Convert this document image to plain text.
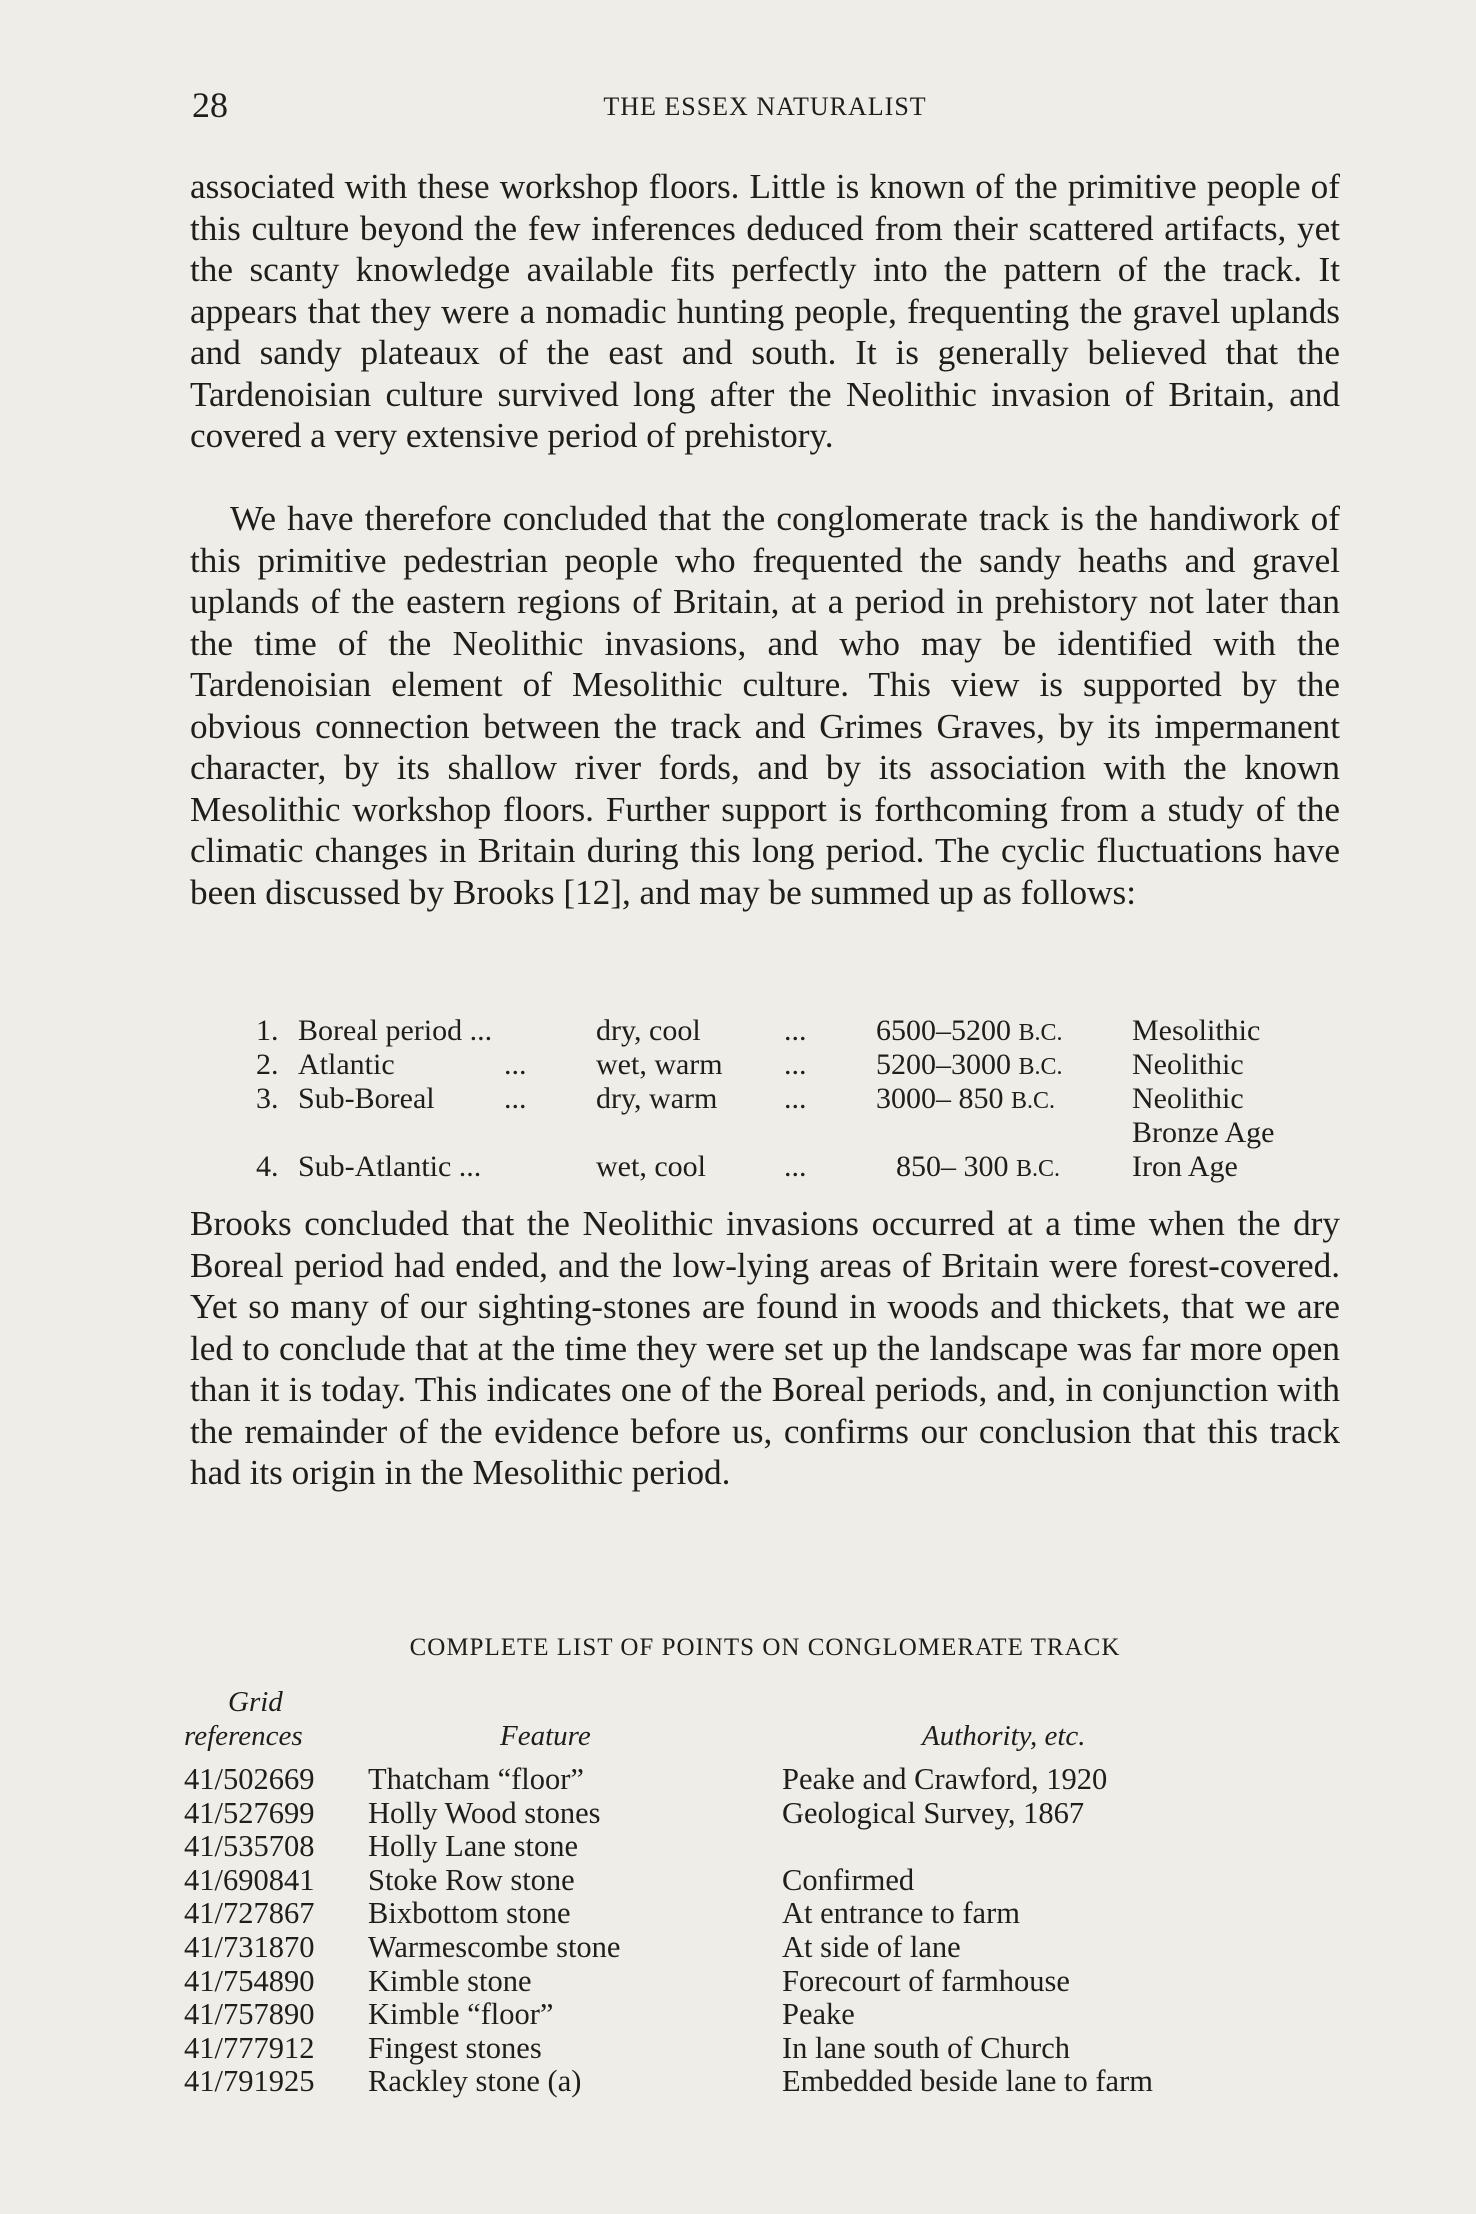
28	THE ESSEX NATURALIST

associated with these workshop floors. Little is known of the primitive people of this culture beyond the few inferences deduced from their scattered artifacts, yet the scanty knowledge available fits perfectly into the pattern of the track. It appears that they were a nomadic hunting people, frequenting the gravel uplands and sandy plateaux of the east and south. It is generally believed that the Tardenoisian culture survived long after the Neolithic invasion of Britain, and covered a very extensive period of prehistory.

We have therefore concluded that the conglomerate track is the handiwork of this primitive pedestrian people who frequented the sandy heaths and gravel uplands of the eastern regions of Britain, at a period in prehistory not later than the time of the Neolithic invasions, and who may be identified with the Tardenoisian element of Mesolithic culture. This view is supported by the obvious connection between the track and Grimes Graves, by its impermanent character, by its shallow river fords, and by its association with the known Mesolithic workshop floors. Further support is forthcoming from a study of the climatic changes in Britain during this long period. The cyclic fluctuations have been discussed by Brooks [12], and may be summed up as follows:

1. Boreal period ...	dry, cool	... 6500–5200 B.C. Mesolithic
2. Atlantic	... wet, warm ... 5200–3000 B.C. Neolithic
3. Sub-Boreal ... dry, warm ... 3000– 850 B.C.	Neolithic
Bronze Age
4. Sub-Atlantic ...	wet, cool	...	850– 300 B.C. Iron Age

Brooks concluded that the Neolithic invasions occurred at a time when the dry Boreal period had ended, and the low-lying areas of Britain were forest-covered. Yet so many of our sighting-stones are found in woods and thickets, that we are led to conclude that at the time they were set up the landscape was far more open than it is today. This indicates one of the Boreal periods, and, in conjunction with the remainder of the evidence before us, confirms our conclusion that this track had its origin in the Mesolithic period.

COMPLETE LIST OF POINTS ON CONGLOMERATE TRACK
Grid
references	Feature	Authority, etc.
41/502669 Thatcham “floor”	Peake and Crawford, 1920
41/527699 Holly Wood stones	Geological Survey, 1867
41/535708 Holly Lane stone
41/690841 Stoke Row stone	Confirmed
41/727867 Bixbottom stone	At entrance to farm
41/731870 Warmescombe stone	At side of lane
41/754890 Kimble stone	Forecourt of farmhouse
41/757890 Kimble “floor”	Peake
41/777912 Fingest stones	In lane south of Church
41/791925 Rackley stone (a)	Embedded beside lane to farm
